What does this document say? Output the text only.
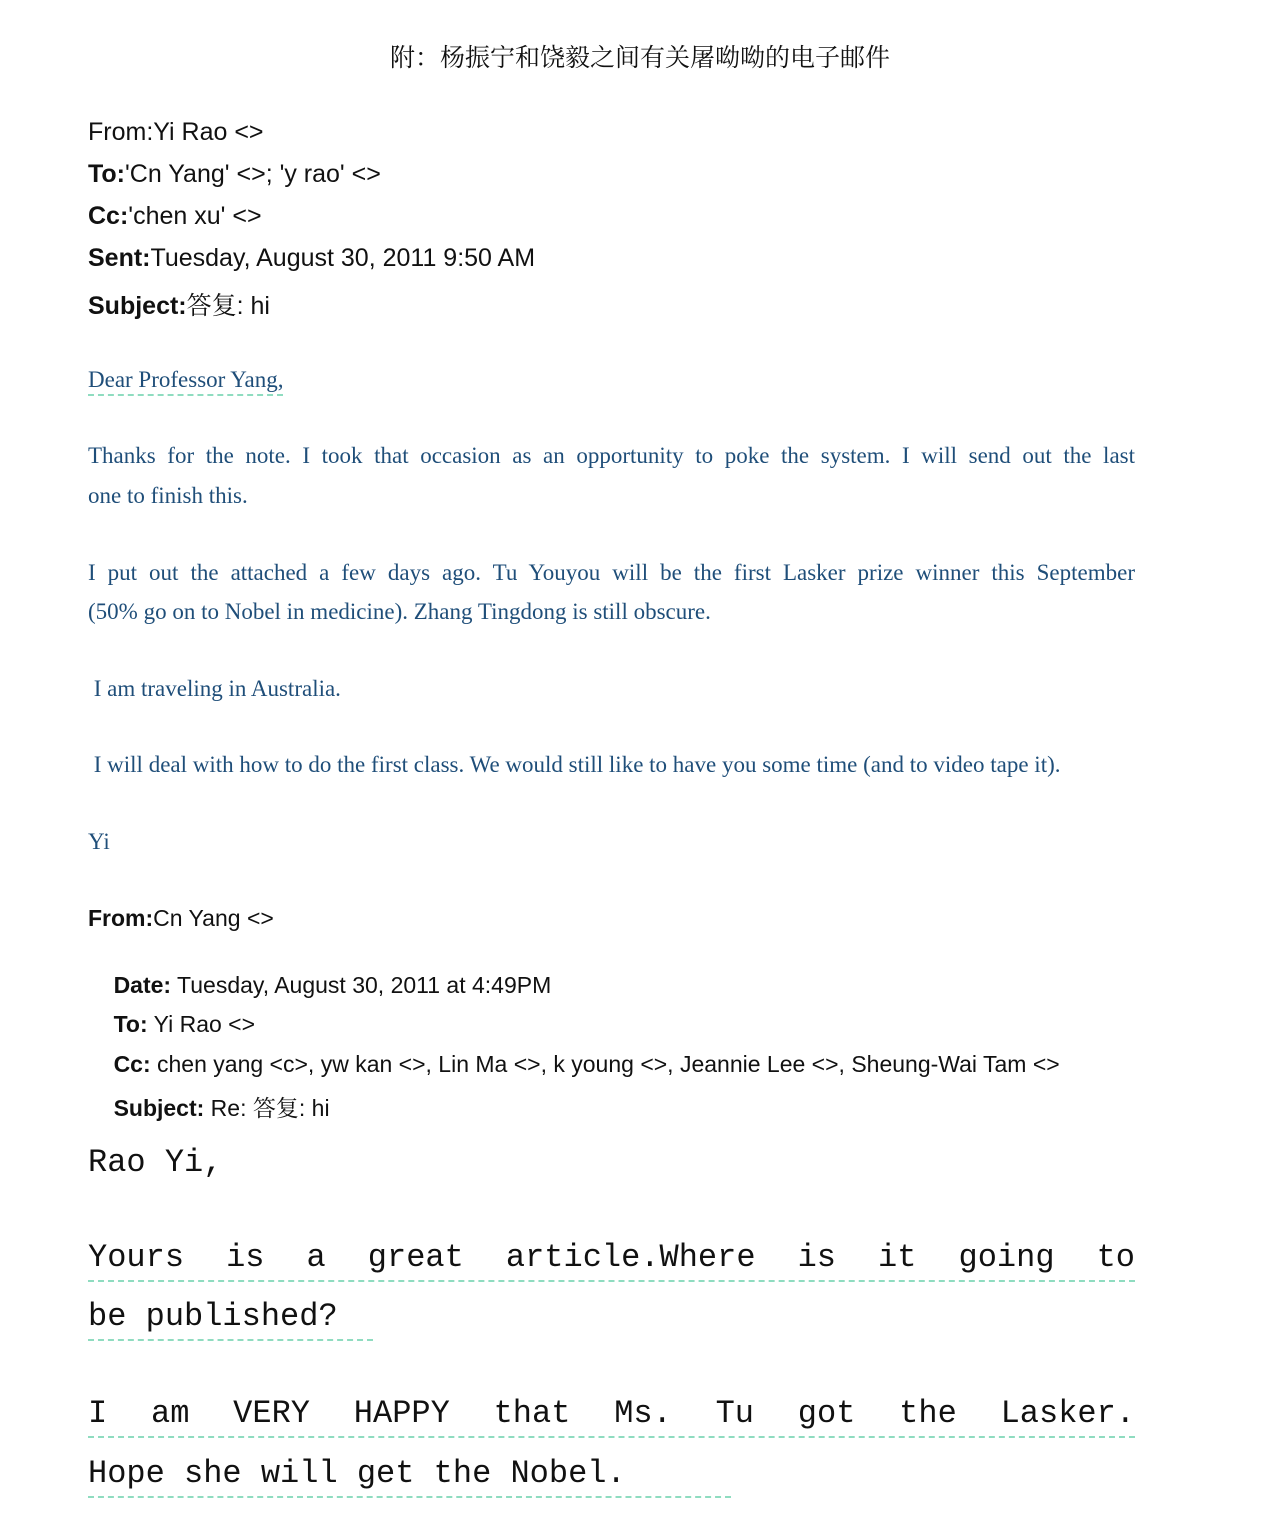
附：杨振宁和饶毅之间有关屠呦呦的电子邮件
From:Yi Rao <>
To:'Cn Yang' <>; 'y rao' <>
Cc:'chen xu' <>
Sent:Tuesday, August 30, 2011 9:50 AM
Subject:答复: hi
Dear Professor Yang,
Thanks for the note. I took that occasion as an opportunity to poke the system. I will send out the last
one to finish this.
I put out the attached a few days ago. Tu Youyou will be the first Lasker prize winner this September
(50% go on to Nobel in medicine). Zhang Tingdong is still obscure.
I am traveling in Australia.
I will deal with how to do the first class. We would still like to have you some time (and to video tape it).
Yi
From:Cn Yang <>

Date: Tuesday, August 30, 2011 at 4:49PM

To: Yi Rao <>

Cc: chen yang <c>, yw kan <>, Lin Ma <>, k young <>, Jeannie Lee <>, Sheung-Wai Tam <>

Subject: Re: 答复: hi

Rao Yi,
Yours is a great article.Where is it going to
be published?
I am VERY HAPPY that Ms. Tu got the Lasker.
Hope she will get the Nobel.
